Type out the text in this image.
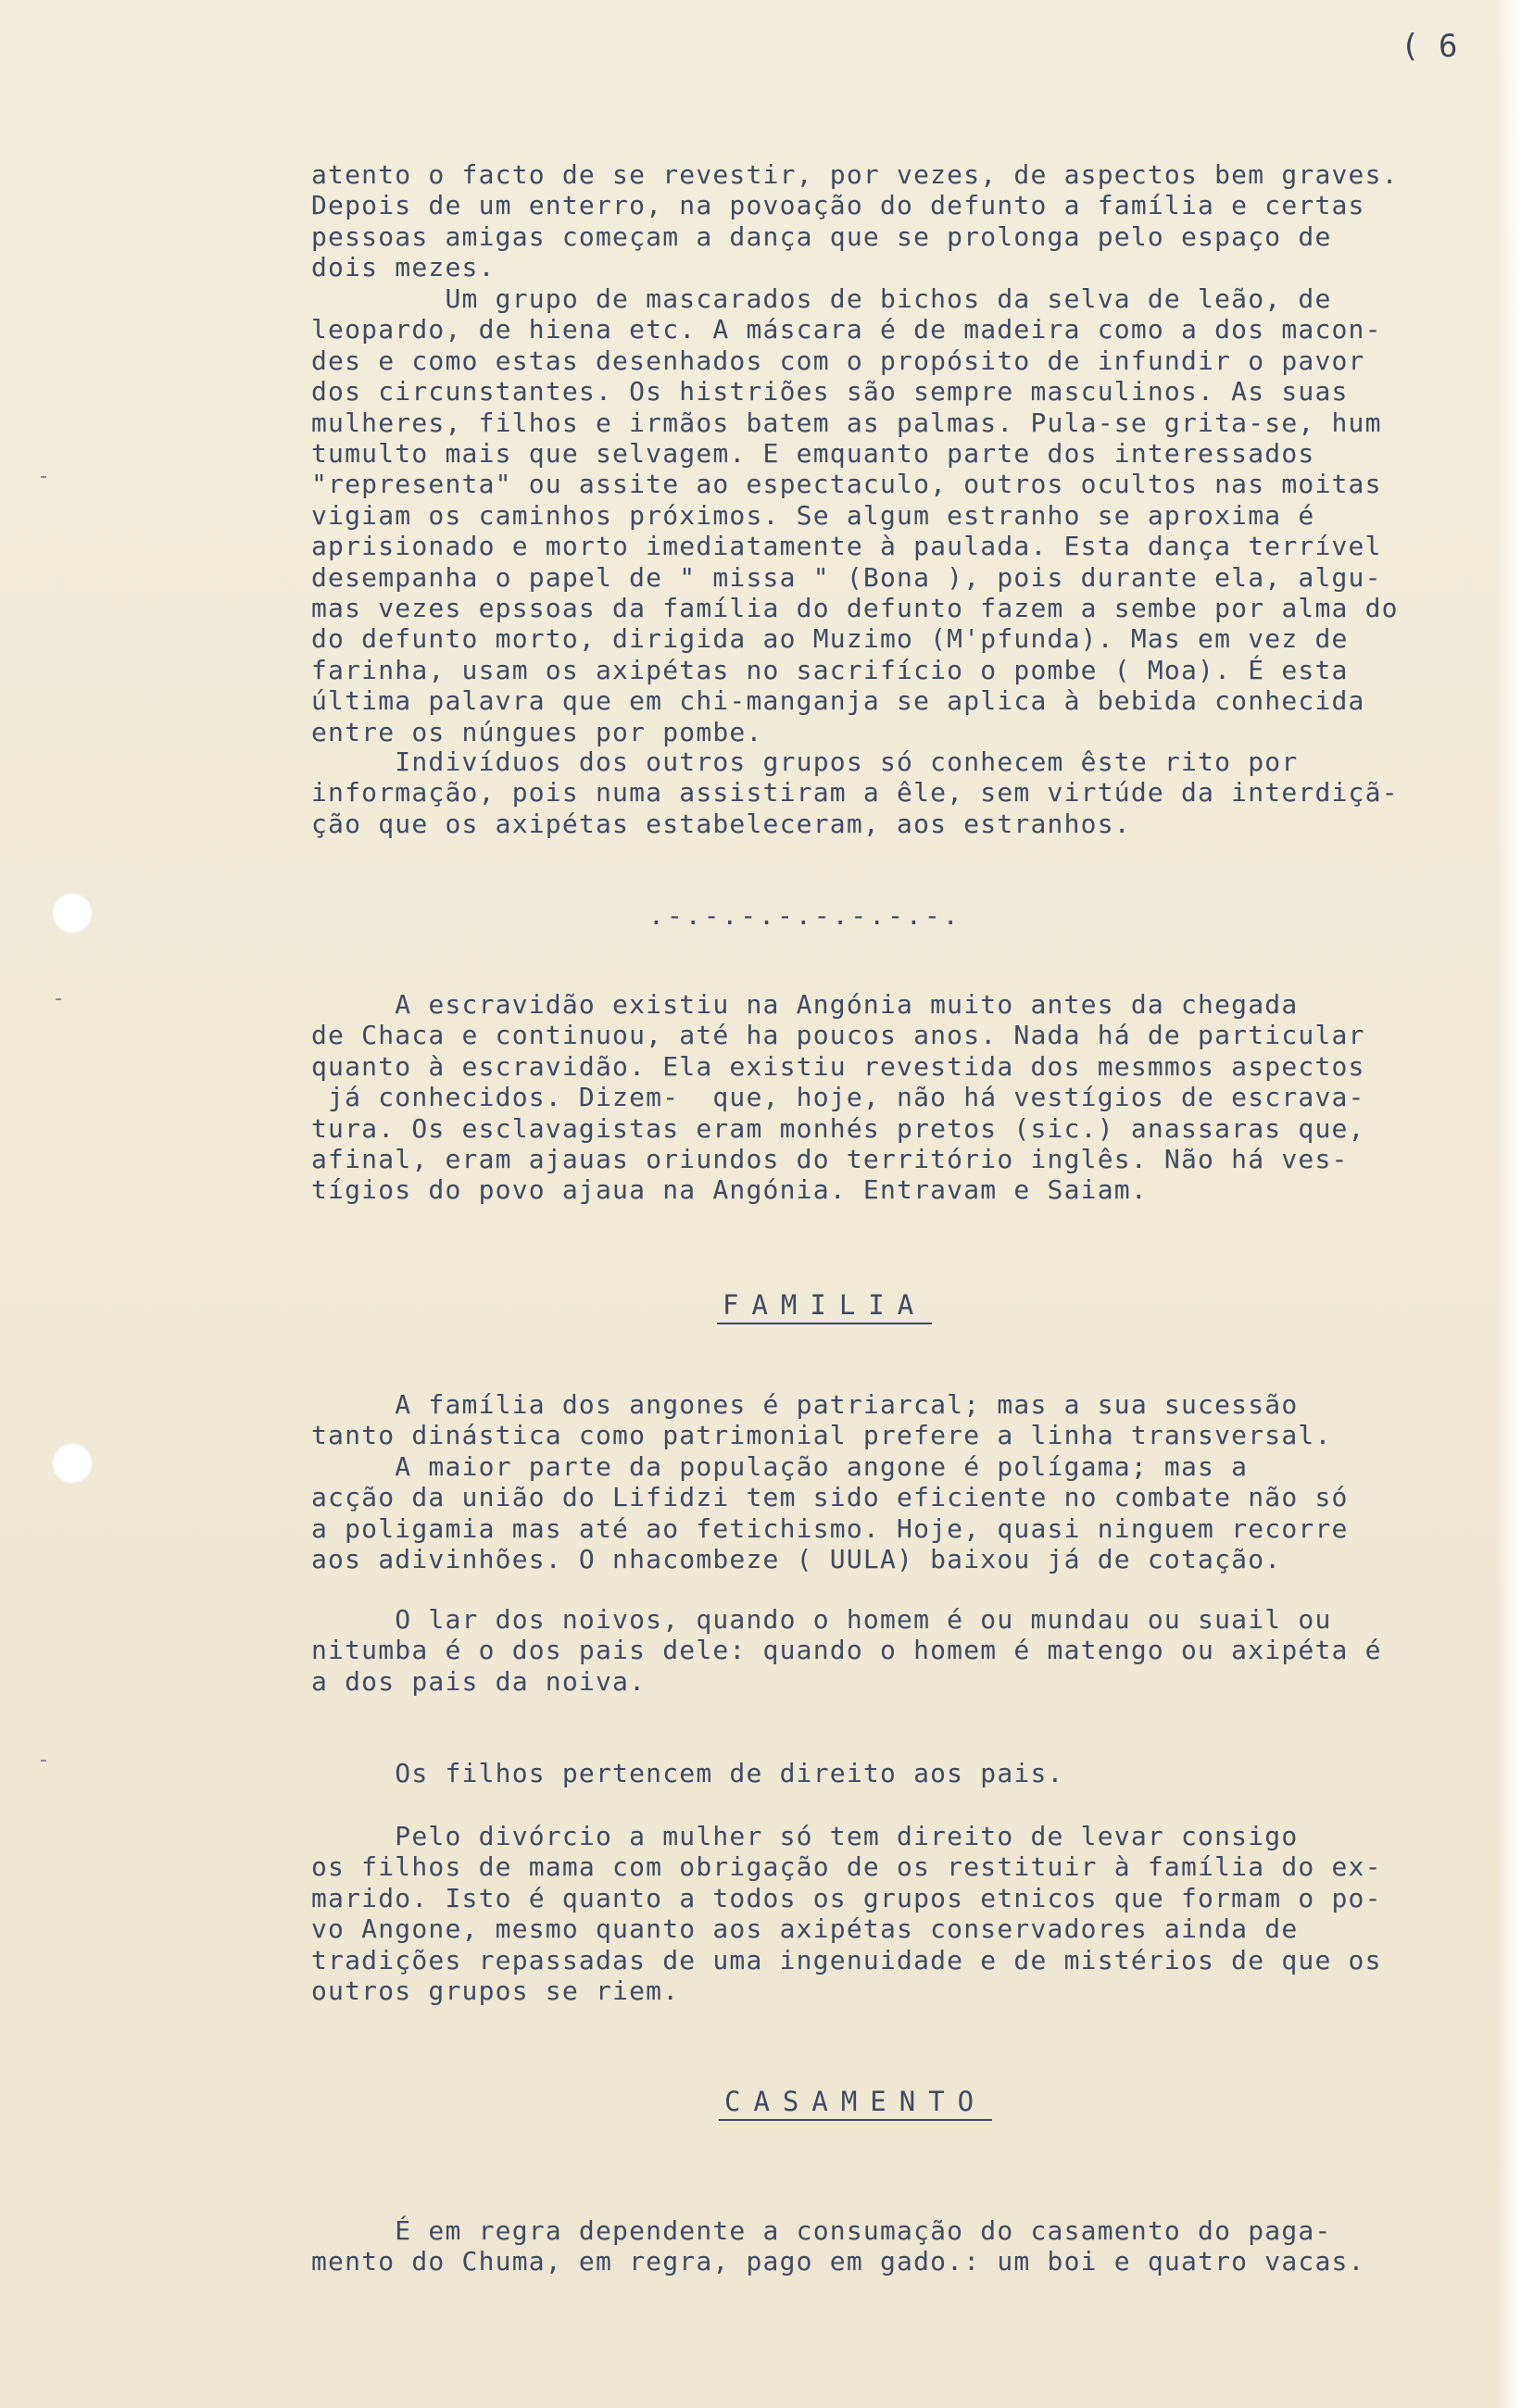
( 6
atento o facto de se revestir, por vezes, de aspectos bem graves.
Depois de um enterro, na povoação do defunto a família e certas
pessoas amigas começam a dança que se prolonga pelo espaço de
dois mezes.
Um grupo de mascarados de bichos da selva de leão, de
leopardo, de hiena etc. A máscara é de madeira como a dos macon-
des e como estas desenhados com o propósito de infundir o pavor
dos circunstantes. Os histriões são sempre masculinos. As suas
mulheres, filhos e irmãos batem as palmas. Pula-se grita-se, hum
tumulto mais que selvagem. E emquanto parte dos interessados
"representa" ou assite ao espectaculo, outros ocultos nas moitas
vigiam os caminhos próximos. Se algum estranho se aproxima é
aprisionado e morto imediatamente à paulada. Esta dança terrível
desempanha o papel de " missa " (Bona ), pois durante ela, algu-
mas vezes epssoas da família do defunto fazem a sembe por alma do
do defunto morto, dirigida ao Muzimo (M'pfunda). Mas em vez de
farinha, usam os axipétas no sacrifício o pombe ( Moa). É esta
última palavra que em chi-manganja se aplica à bebida conhecida
entre os núngues por pombe.
Indivíduos dos outros grupos só conhecem êste rito por
informação, pois numa assistiram a êle, sem virtúde da interdiçã-
ção que os axipétas estabeleceram, aos estranhos.
.-.-.-.-.-.-.-.-.
A escravidão existiu na Angónia muito antes da chegada
de Chaca e continuou, até ha poucos anos. Nada há de particular
quanto à escravidão. Ela existiu revestida dos mesmmos aspectos
já conhecidos. Dizem-  que, hoje, não há vestígios de escrava-
tura. Os esclavagistas eram monhés pretos (sic.) anassaras que,
afinal, eram ajauas oriundos do território inglês. Não há ves-
tígios do povo ajaua na Angónia. Entravam e Saiam.
FAMILIA
A família dos angones é patriarcal; mas a sua sucessão
tanto dinástica como patrimonial prefere a linha transversal.
A maior parte da população angone é polígama; mas a
acção da união do Lifidzi tem sido eficiente no combate não só
a poligamia mas até ao fetichismo. Hoje, quasi ninguem recorre
aos adivinhões. O nhacombeze ( UULA) baixou já de cotação.
O lar dos noivos, quando o homem é ou mundau ou suail ou
nitumba é o dos pais dele: quando o homem é matengo ou axipéta é
a dos pais da noiva.
Os filhos pertencem de direito aos pais.
Pelo divórcio a mulher só tem direito de levar consigo
os filhos de mama com obrigação de os restituir à família do ex-
marido. Isto é quanto a todos os grupos etnicos que formam o po-
vo Angone, mesmo quanto aos axipétas conservadores ainda de
tradições repassadas de uma ingenuidade e de mistérios de que os
outros grupos se riem.
CASAMENTO
É em regra dependente a consumação do casamento do paga-
mento do Chuma, em regra, pago em gado.: um boi e quatro vacas.
